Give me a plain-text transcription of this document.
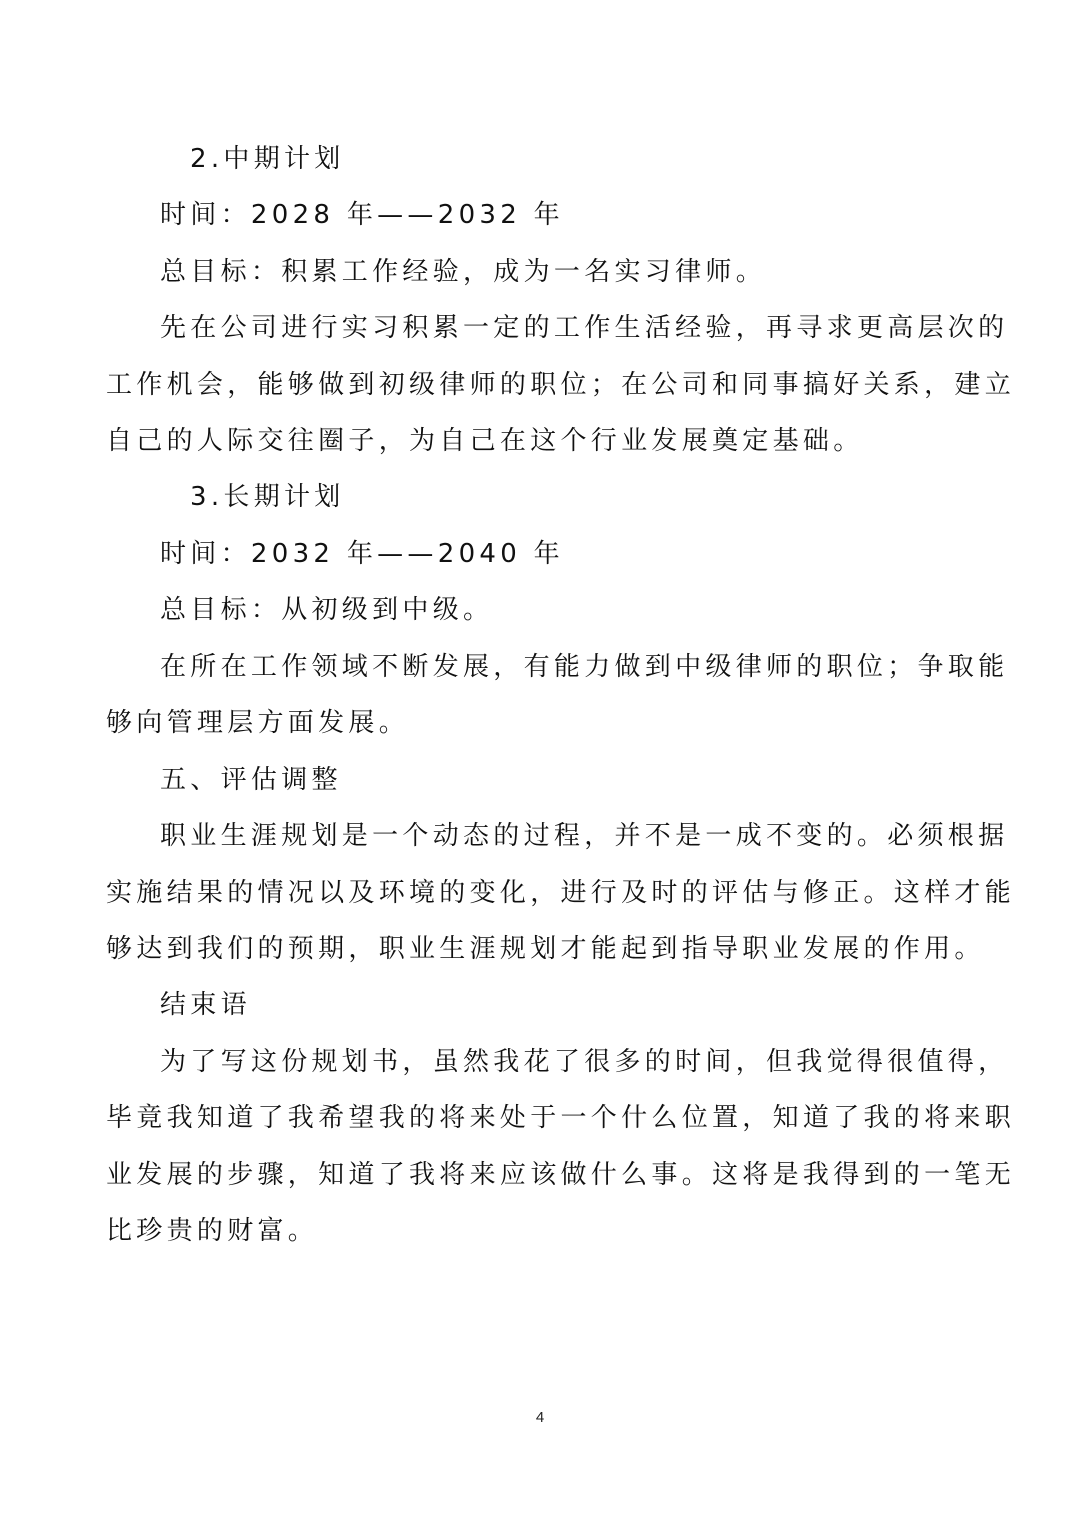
2.中期计划
时间：2028 年——2032 年
总目标：积累工作经验，成为一名实习律师。
先在公司进行实习积累一定的工作生活经验，再寻求更高层次的
工作机会，能够做到初级律师的职位；在公司和同事搞好关系，建立
自己的人际交往圈子，为自己在这个行业发展奠定基础。
3.长期计划
时间：2032 年——2040 年
总目标：从初级到中级。
在所在工作领域不断发展，有能力做到中级律师的职位；争取能
够向管理层方面发展。
五、评估调整
职业生涯规划是一个动态的过程，并不是一成不变的。必须根据
实施结果的情况以及环境的变化，进行及时的评估与修正。这样才能
够达到我们的预期，职业生涯规划才能起到指导职业发展的作用。
结束语
为了写这份规划书，虽然我花了很多的时间，但我觉得很值得，
毕竟我知道了我希望我的将来处于一个什么位置，知道了我的将来职
业发展的步骤，知道了我将来应该做什么事。这将是我得到的一笔无
比珍贵的财富。
4
